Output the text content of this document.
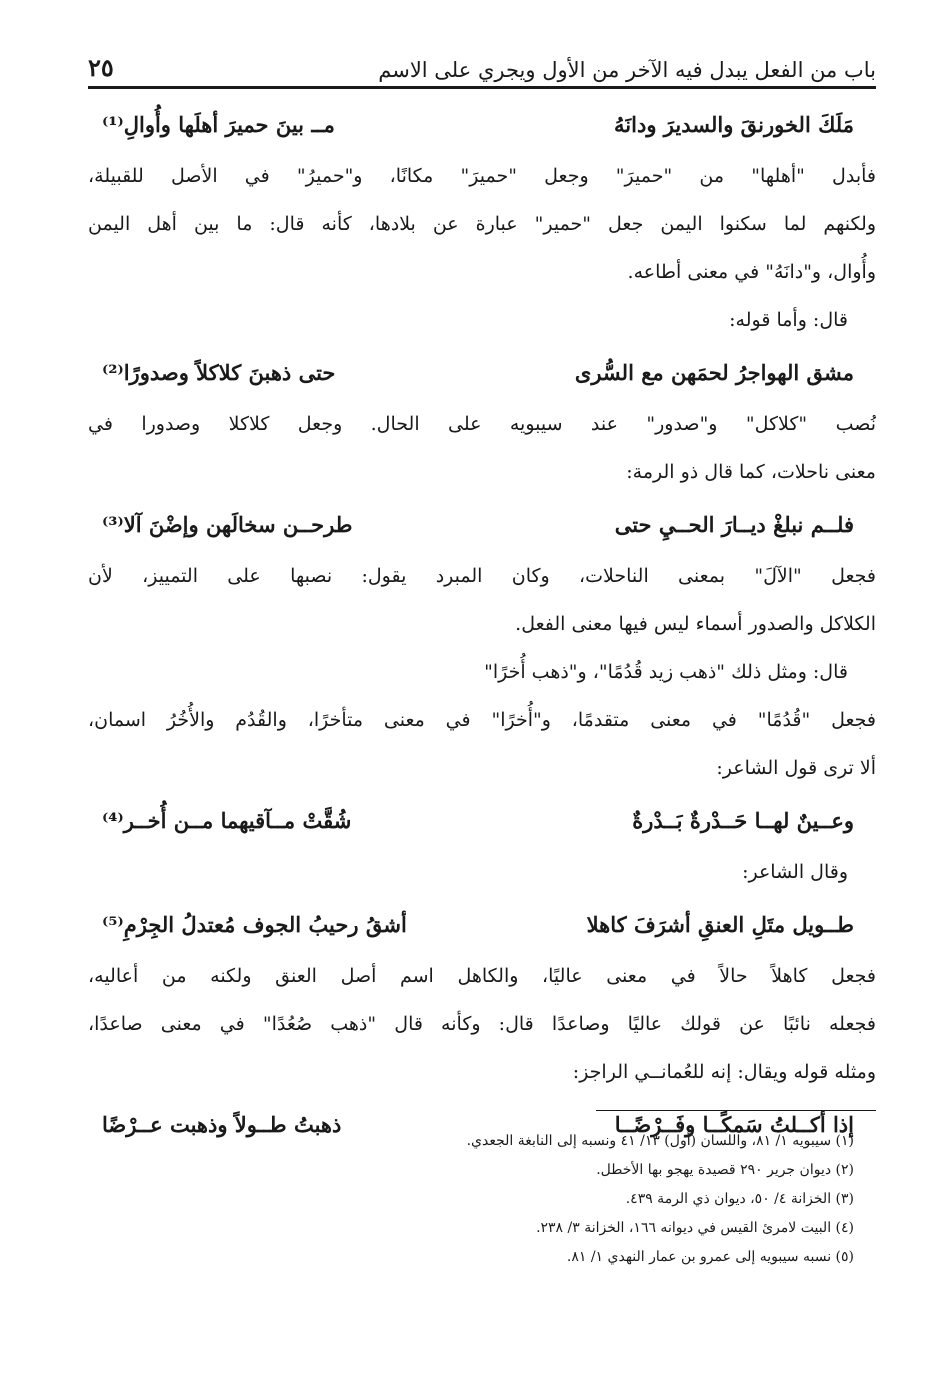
باب من الفعل يبدل فيه الآخر من الأول ويجري على الاسم
٢٥
مَلَكَ الخورنقَ والسديرَ ودانَهُ
مــ بينَ حميرَ أهلَها وأُوالِ⁽¹⁾
فأبدل "أهلها" من "حميرَ" وجعل "حميرَ" مكانًا، و"حميرُ" في الأصل للقبيلة،
ولكنهم لما سكنوا اليمن جعل "حمير" عبارة عن بلادها، كأنه قال: ما بين أهل اليمن
وأُوال، و"دانَهُ" في معنى أطاعه.
قال: وأما قوله:
مشق الهواجرُ لحمَهن مع السُّرى
حتى ذهبنَ كلاكلاً وصدورًا⁽²⁾
نُصب "كلاكل" و"صدور" عند سيبويه على الحال. وجعل كلاكلا وصدورا في
معنى ناحلات، كما قال ذو الرمة:
فلــم نبلغْ ديــارَ الحــيِ حتى
طرحــن سخالَهن وإضْنَ آلا⁽³⁾
فجعل "الآلَ" بمعنى الناحلات، وكان المبرد يقول: نصبها على التمييز، لأن
الكلاكل والصدور أسماء ليس فيها معنى الفعل.
قال: ومثل ذلك "ذهب زيد قُدُمًا"، و"ذهب أُخرًا"
فجعل "قُدُمًا" في معنى متقدمًا، و"أُخرًا" في معنى متأخرًا، والقُدُم والأُخُرُ اسمان،
ألا ترى قول الشاعر:
وعــينٌ لهــا حَــدْرةٌ بَــدْرةٌ
شُقَّتْ مــآقيهما مــن أُخــر⁽⁴⁾
وقال الشاعر:
طــويل متَلِ العنقِ أشرَفَ كاهلا
أشقُ رحيبُ الجوف مُعتدلُ الجِرْمِ⁽⁵⁾
فجعل كاهلاً حالاً في معنى عاليًا، والكاهل اسم أصل العنق ولكنه من أعاليه،
فجعله نائبًا عن قولك عاليًا وصاعدًا قال: وكأنه قال "ذهب صُعُدًا" في معنى صاعدًا،
ومثله قوله ويقال: إنه للعُمانــي الراجز:
إذا أكــلتُ سَمكًــا وفَــرْضًــا
ذهبتُ طــولاً وذهبت عــرْضًا
(١) سيبويه ١/ ٨١، واللسان (أول) ١٣/ ٤١ ونسبه إلى النابغة الجعدي.
(٢) ديوان جرير ٢٩٠ قصيدة يهجو بها الأخطل.
(٣) الخزانة ٤/ ٥٠، ديوان ذي الرمة ٤٣٩.
(٤) البيت لامرئ القيس في ديوانه ١٦٦، الخزانة ٣/ ٢٣٨.
(٥) نسبه سيبويه إلى عمرو بن عمار النهدي ١/ ٨١.
